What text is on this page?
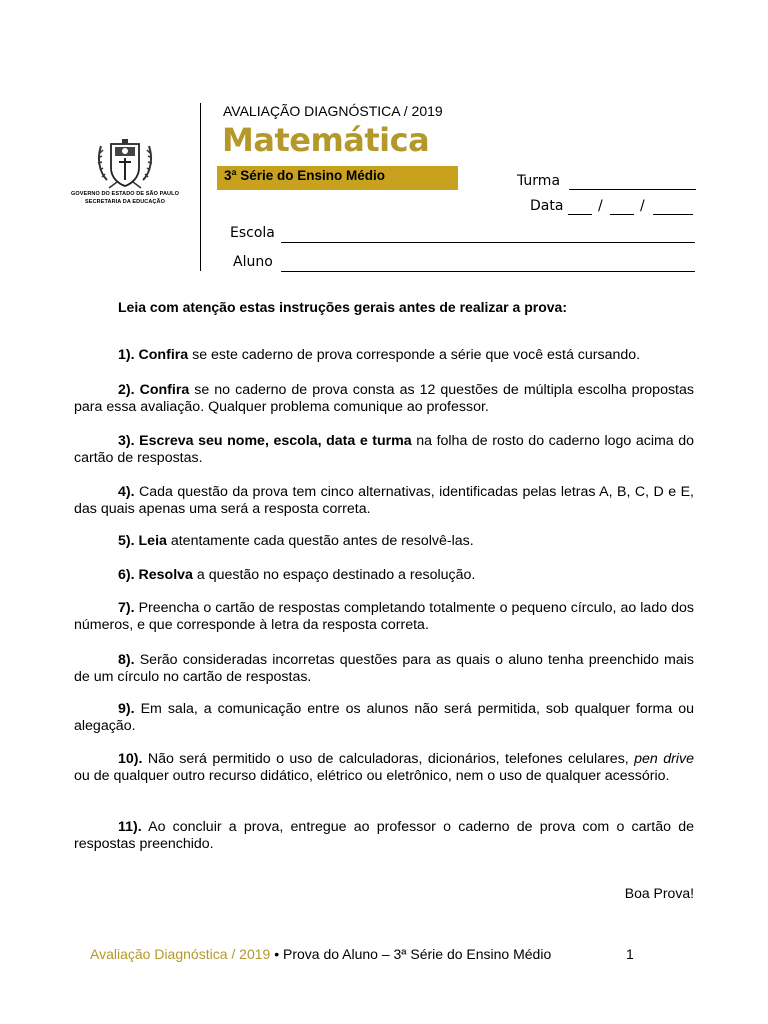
GOVERNO DO ESTADO DE SÃO PAULO
SECRETARIA DA EDUCAÇÃO
AVALIAÇÃO DIAGNÓSTICA / 2019
Matemática
3ª Série do Ensino Médio	Turma
Data /	/
Escola
Aluno
Leia com atenção estas instruções gerais antes de realizar a prova:
1). Confira se este caderno de prova corresponde a série que você está cursando.
2). Confira se no caderno de prova consta as 12 questões de múltipla escolha propostas para essa avaliação. Qualquer problema comunique ao professor.
3). Escreva seu nome, escola, data e turma na folha de rosto do caderno logo acima do cartão de respostas.
4). Cada questão da prova tem cinco alternativas, identificadas pelas letras A, B, C, D e E, das quais apenas uma será a resposta correta.
5). Leia atentamente cada questão antes de resolvê-las.
6). Resolva a questão no espaço destinado a resolução.
7). Preencha o cartão de respostas completando totalmente o pequeno círculo, ao lado dos números, e que corresponde à letra da resposta correta.
8). Serão consideradas incorretas questões para as quais o aluno tenha preenchido mais de um círculo no cartão de respostas.
9). Em sala, a comunicação entre os alunos não será permitida, sob qualquer forma ou alegação.
10). Não será permitido o uso de calculadoras, dicionários, telefones celulares, pen drive ou de qualquer outro recurso didático, elétrico ou eletrônico, nem o uso de qualquer acessório.
11). Ao concluir a prova, entregue ao professor o caderno de prova com o cartão de respostas preenchido.
Boa Prova!
Avaliação Diagnóstica / 2019 • Prova do Aluno – 3ª Série do Ensino Médio	1
